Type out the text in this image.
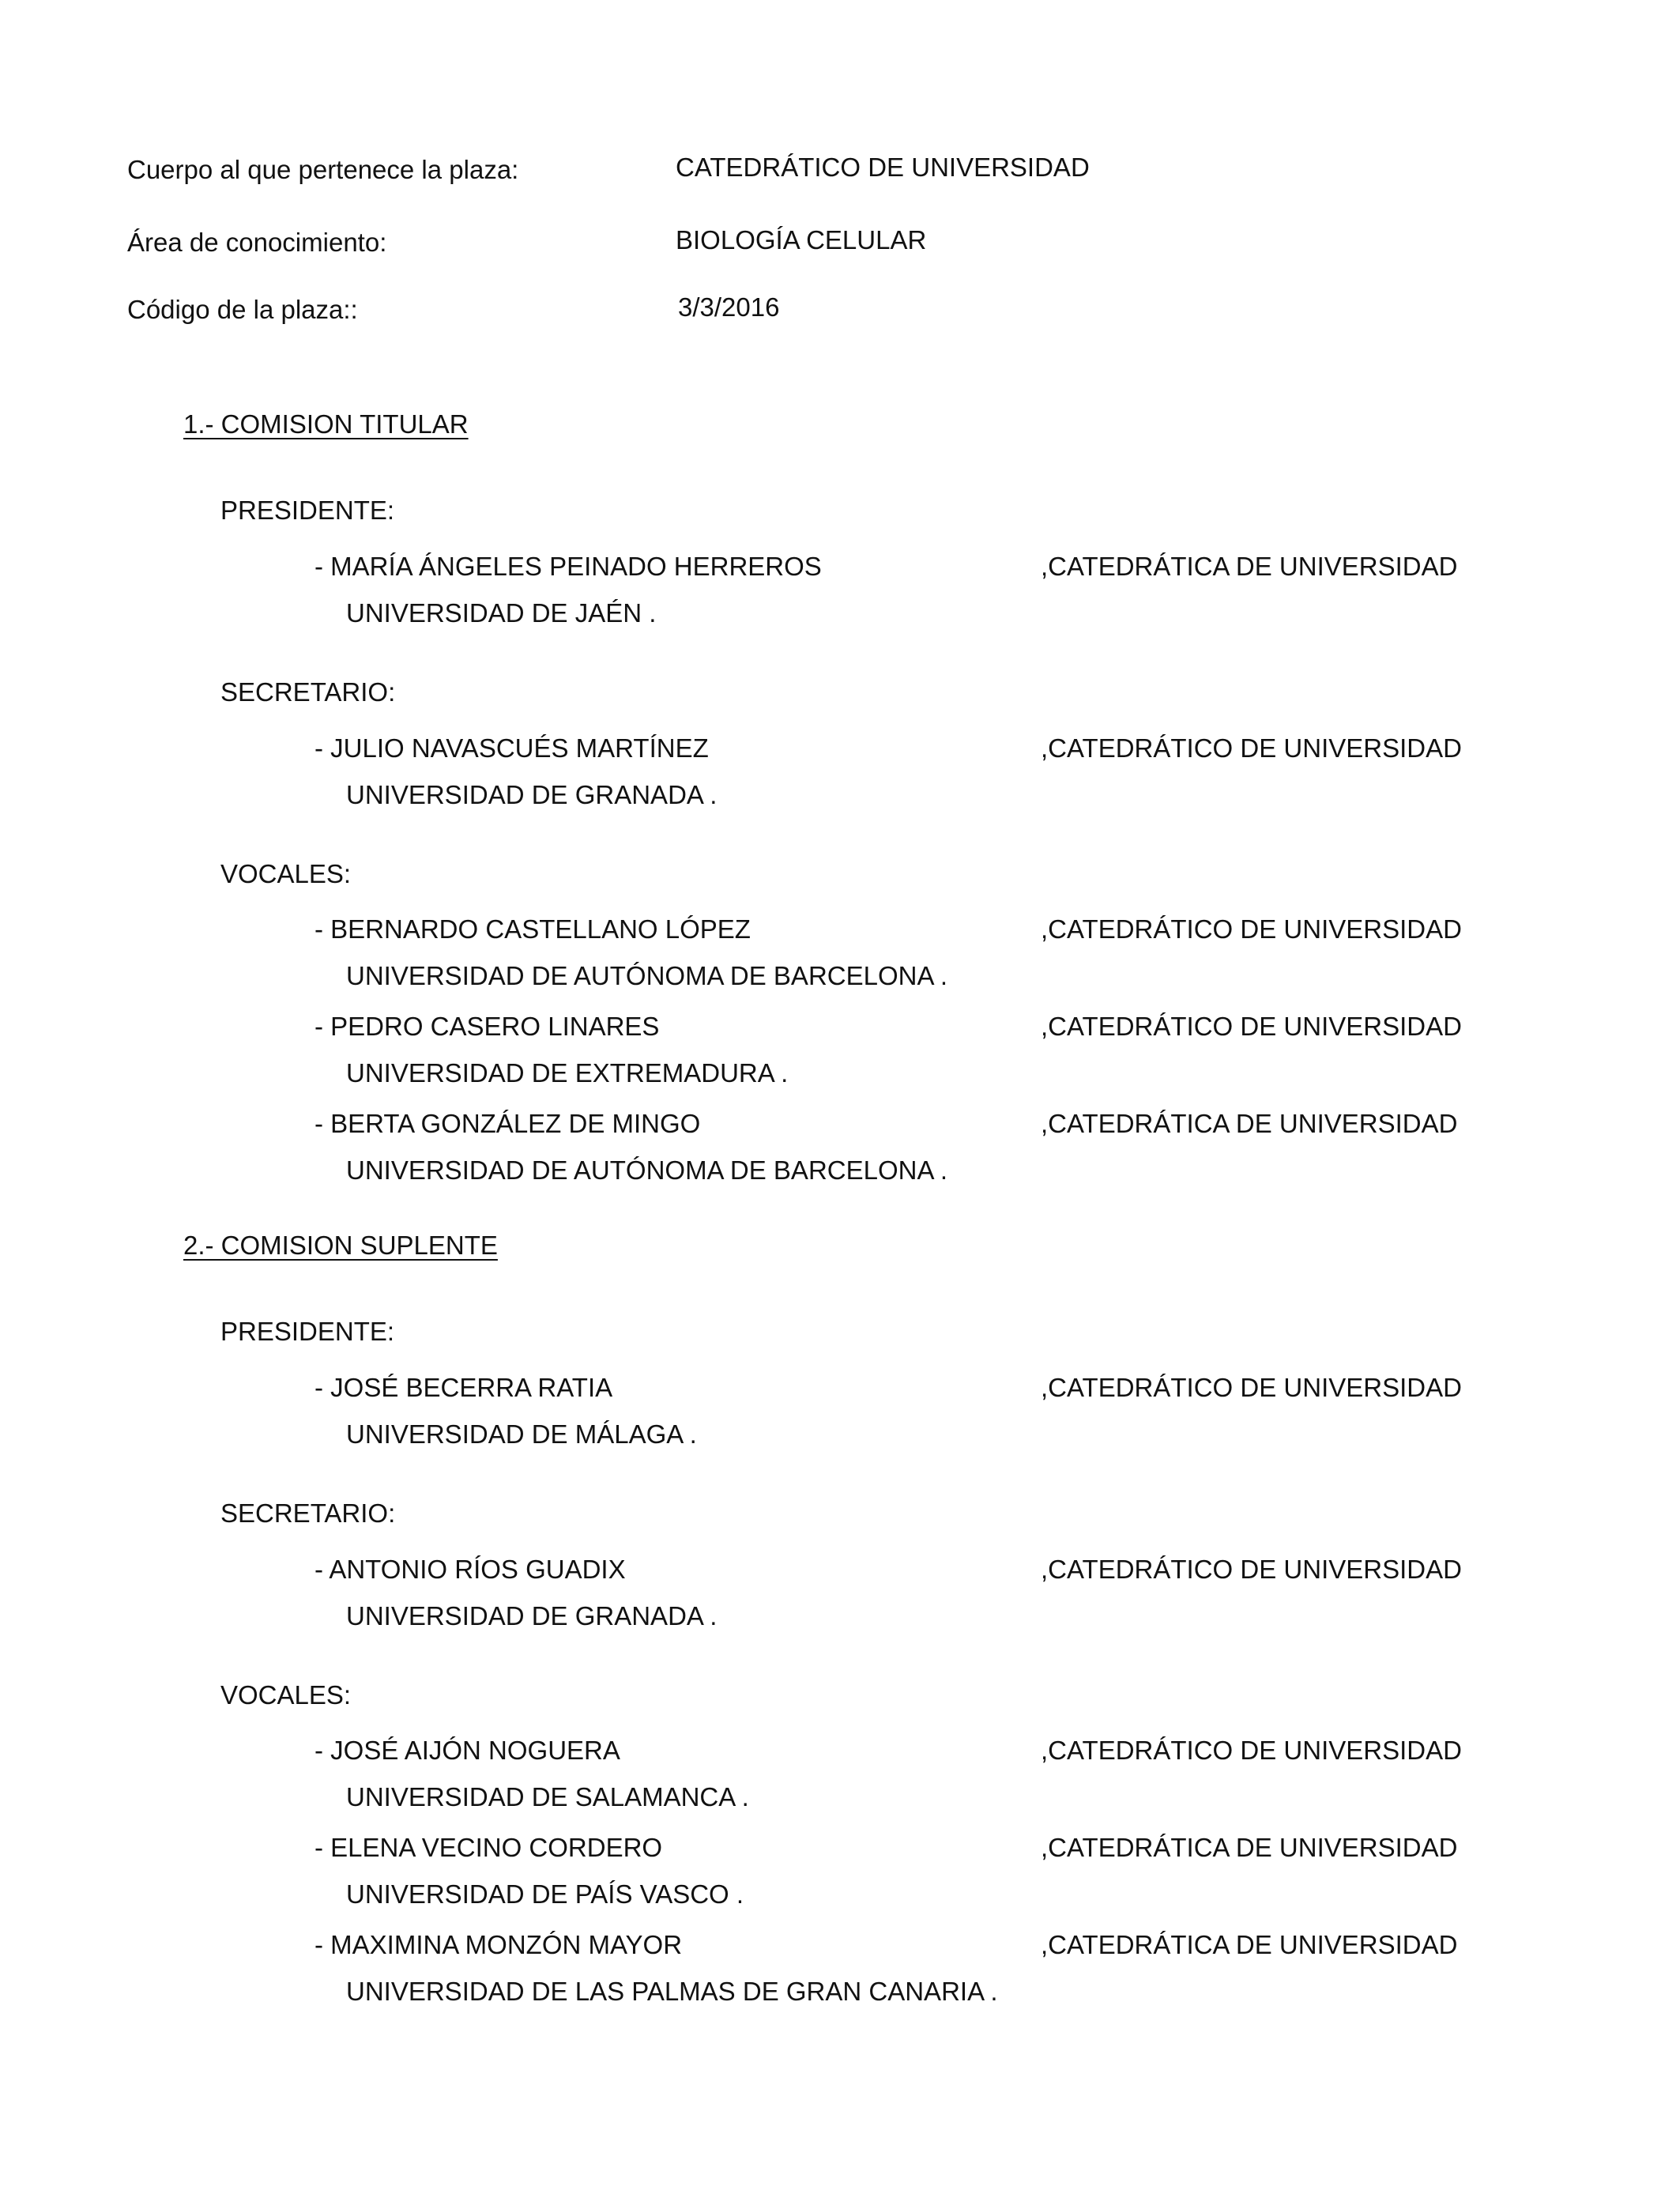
Cuerpo al que pertenece la plaza:	CATEDRÁTICO DE UNIVERSIDAD
Área de conocimiento:	BIOLOGÍA CELULAR
Código de la plaza::	3/3/2016
1.- COMISION TITULAR
PRESIDENTE:
- MARÍA ÁNGELES PEINADO HERREROS	,CATEDRÁTICA DE UNIVERSIDAD
UNIVERSIDAD DE JAÉN .
SECRETARIO:
- JULIO NAVASCUÉS MARTÍNEZ	,CATEDRÁTICO DE UNIVERSIDAD
UNIVERSIDAD DE GRANADA .
VOCALES:
- BERNARDO CASTELLANO LÓPEZ	,CATEDRÁTICO DE UNIVERSIDAD
UNIVERSIDAD DE AUTÓNOMA DE BARCELONA .
- PEDRO CASERO LINARES	,CATEDRÁTICO DE UNIVERSIDAD
UNIVERSIDAD DE EXTREMADURA .
- BERTA GONZÁLEZ DE MINGO	,CATEDRÁTICA DE UNIVERSIDAD
UNIVERSIDAD DE AUTÓNOMA DE BARCELONA .
2.- COMISION SUPLENTE
PRESIDENTE:
- JOSÉ BECERRA RATIA	,CATEDRÁTICO DE UNIVERSIDAD
UNIVERSIDAD DE MÁLAGA .
SECRETARIO:
- ANTONIO RÍOS GUADIX	,CATEDRÁTICO DE UNIVERSIDAD
UNIVERSIDAD DE GRANADA .
VOCALES:
- JOSÉ AIJÓN NOGUERA	,CATEDRÁTICO DE UNIVERSIDAD
UNIVERSIDAD DE SALAMANCA .
- ELENA VECINO CORDERO	,CATEDRÁTICA DE UNIVERSIDAD
UNIVERSIDAD DE PAÍS VASCO .
- MAXIMINA MONZÓN MAYOR	,CATEDRÁTICA DE UNIVERSIDAD
UNIVERSIDAD DE LAS PALMAS DE GRAN CANARIA .
